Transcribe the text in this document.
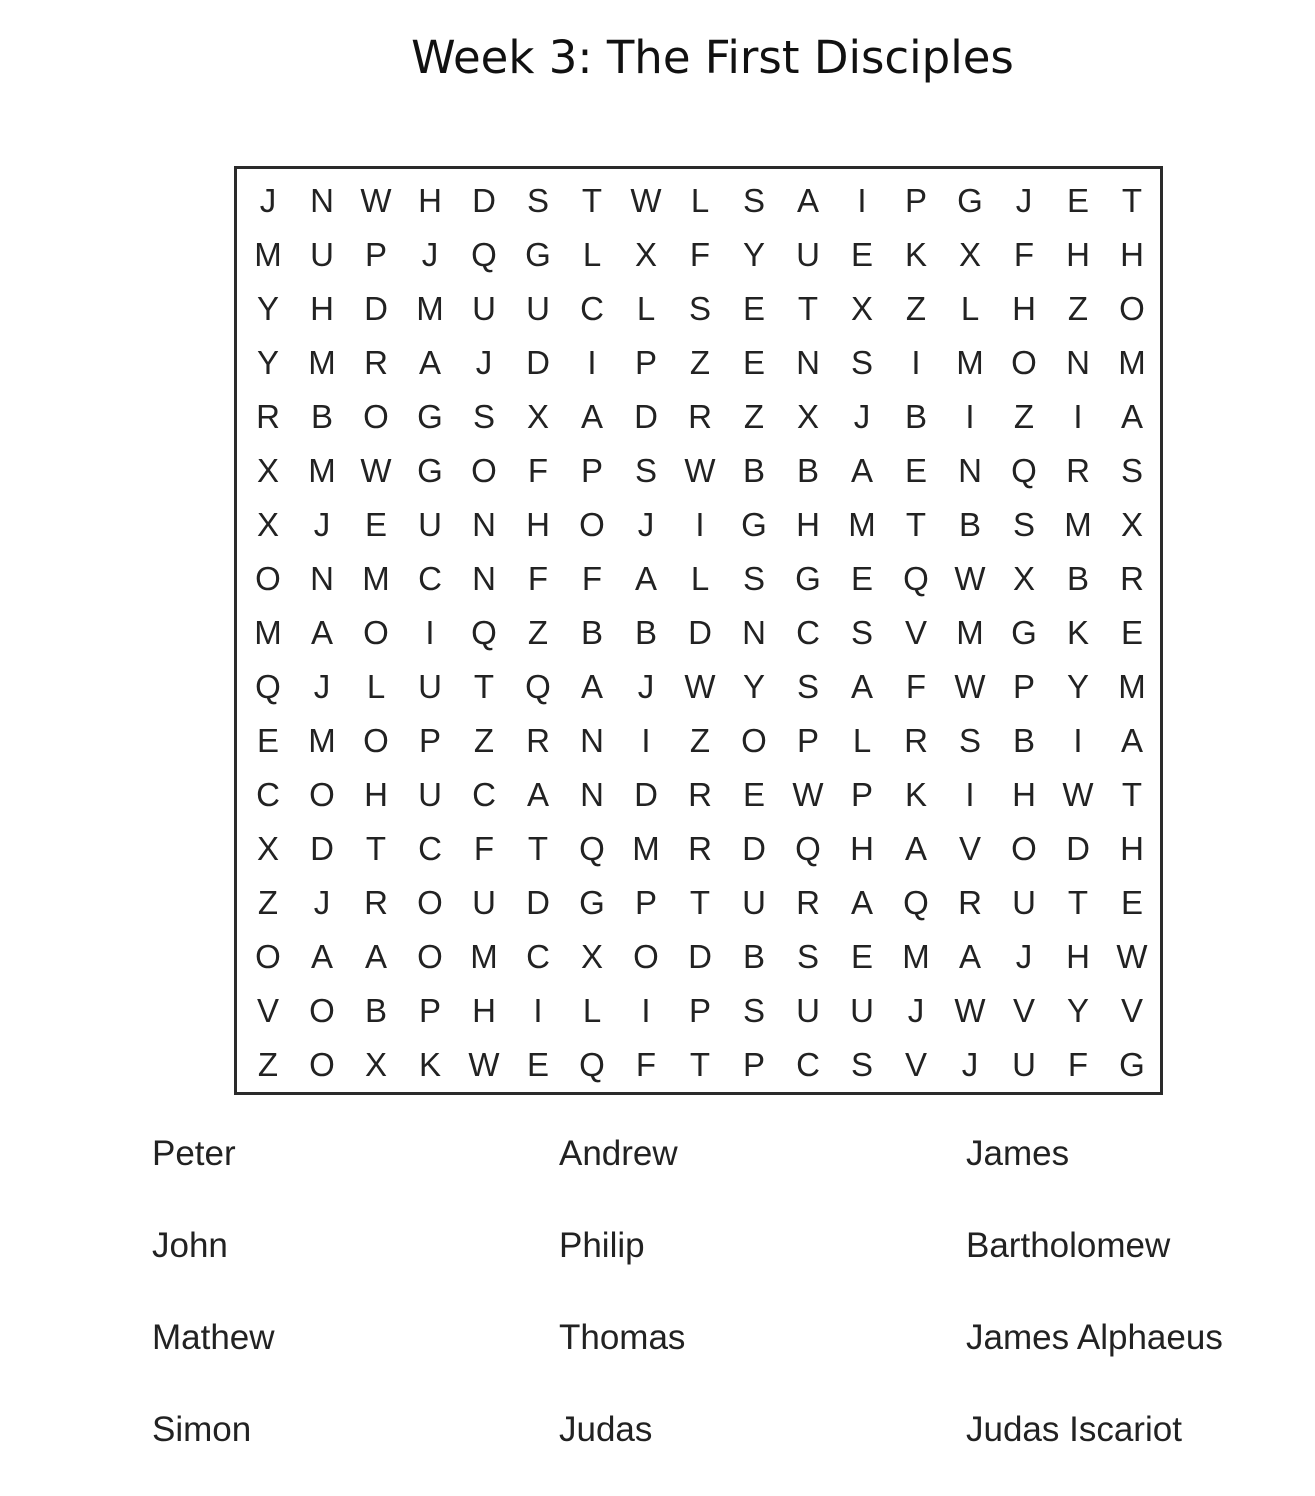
Week 3: The First Disciples
J	N W H D S T W L	S A	I	P G J	E T
M U P	J Q G L	X F Y U E K X F H H
Y H D M U U C L	S E T X Z	L H Z O
Y M R A	J	D	I	P Z E N S	I	M O N M
R B O G S X A D R Z X	J	B	I	Z	I	A
X M W G O F P S W B B A E N Q R S
X	J	E U N H O J	I	G H M T B S M X
O N M C N F	F A	L	S G E Q W X B R
M A O	I	Q Z B B D N C S V M G K E
Q J	L U T Q A	J W Y S A F W P Y M
E M O P Z R N	I	Z O P	L R S B	I	A
C O H U C A N D R E W P K	I	H W T
X D T C F	T Q M R D Q H A V O D H
Z	J	R O U D G P T U R A Q R U T E
O A A O M C X O D B S E M A	J	H W
V O B P H	I	L	I	P S U U	J W V Y V
Z O X K W E Q F	T P C S V	J	U F G
Peter	Andrew	James
John	Philip	Bartholomew
Mathew	Thomas	James Alphaeus
Simon	Judas	Judas Iscariot
